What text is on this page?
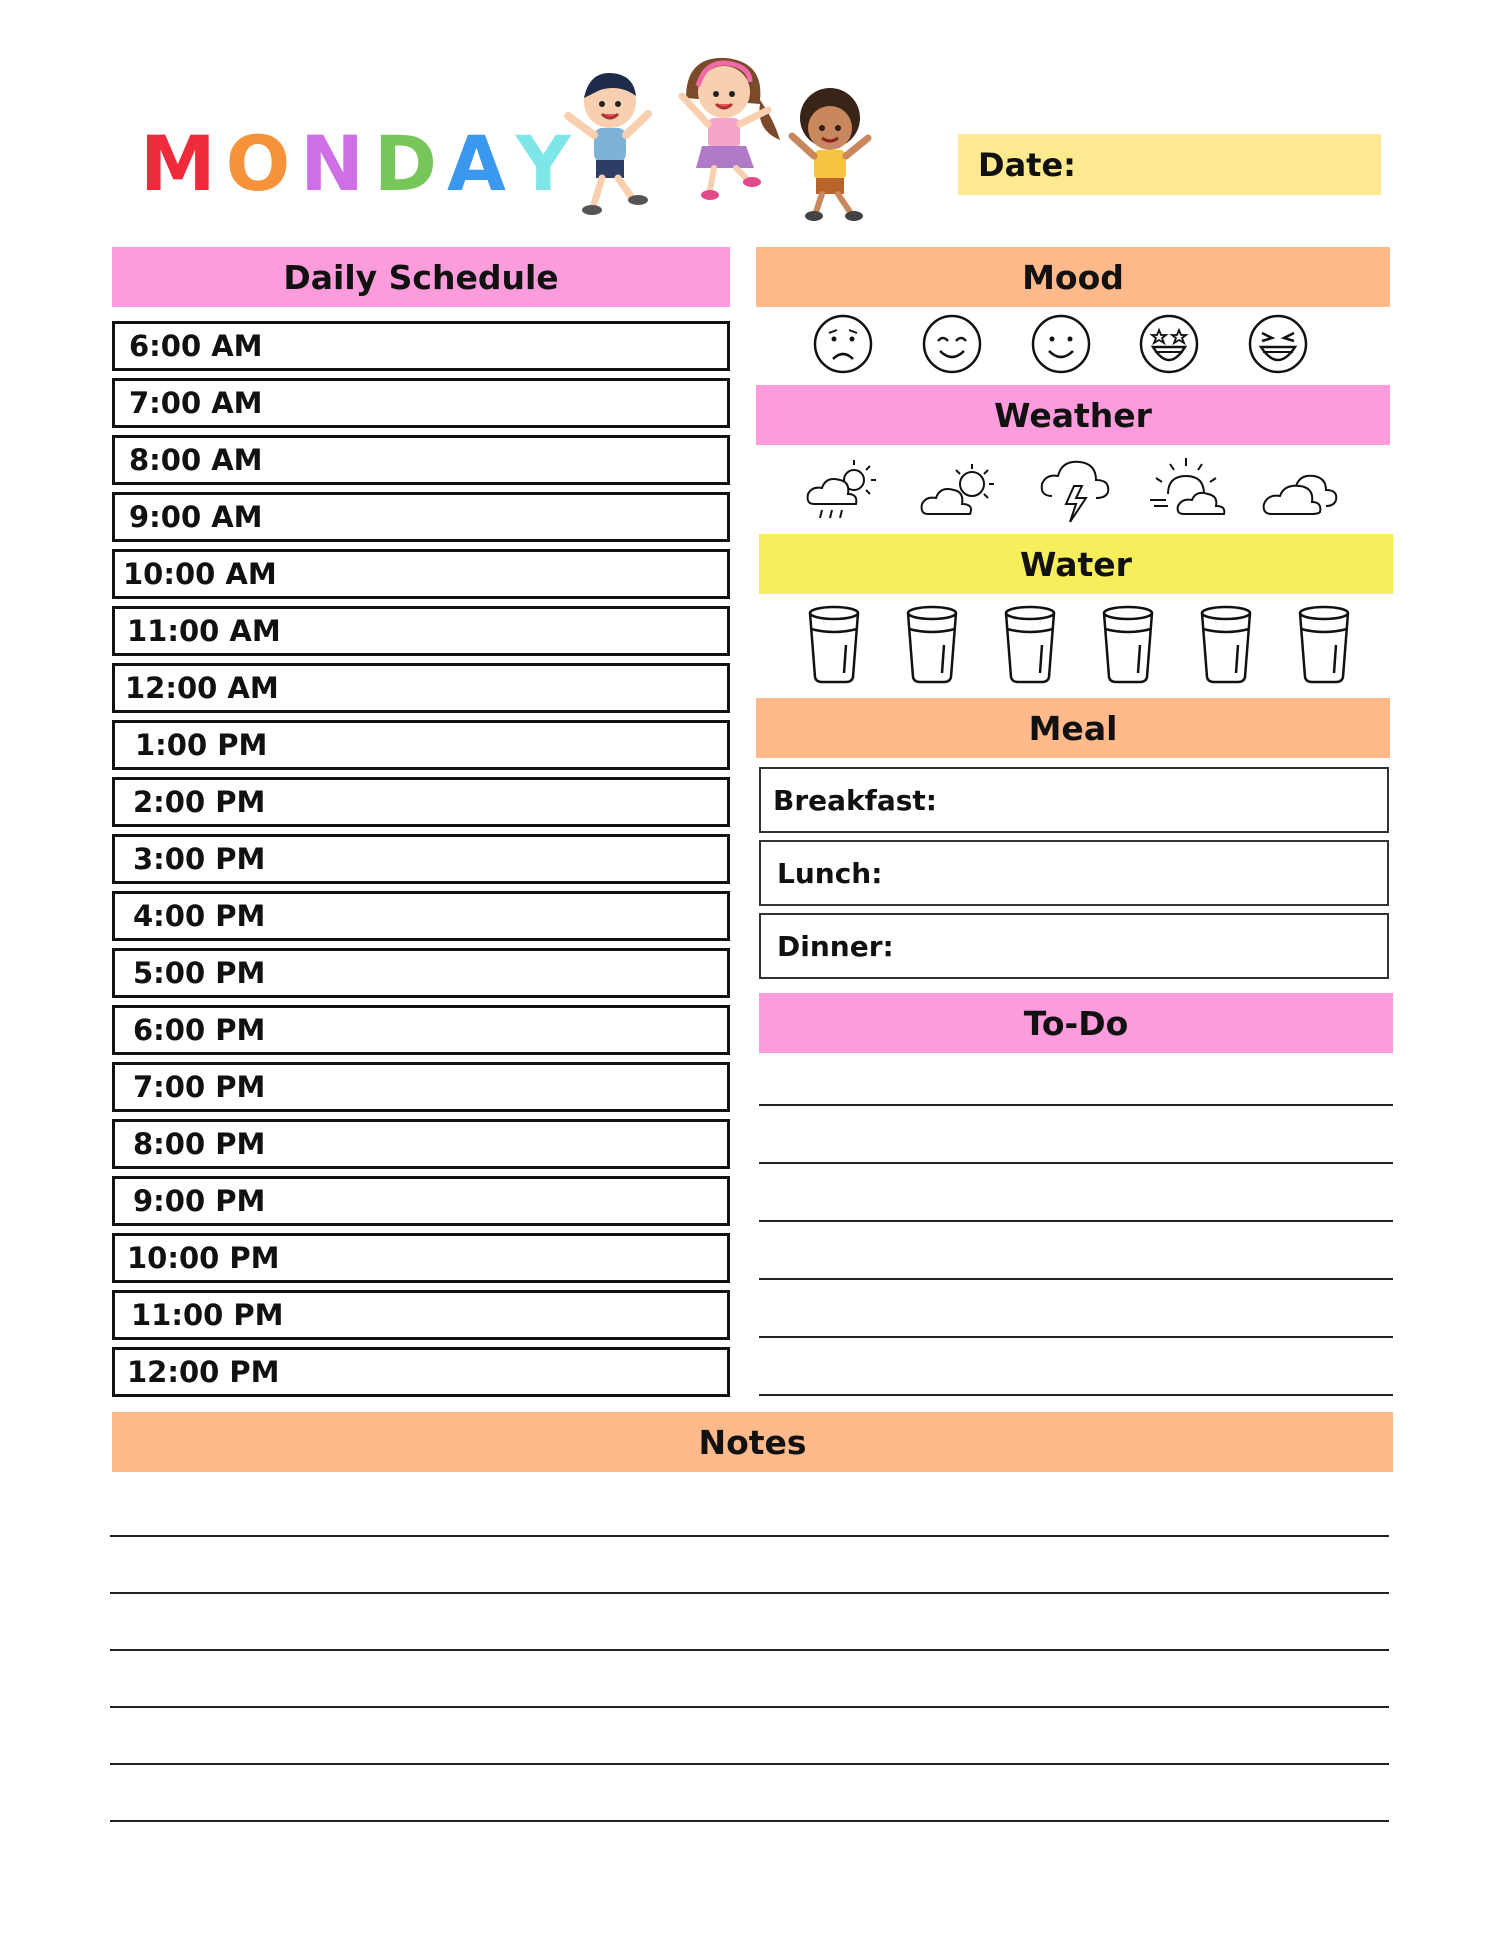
M O N D A Y	Date:
Daily Schedule
6:00 AM
7:00 AM
8:00 AM
9:00 AM
10:00 AM
11:00 AM
12:00 AM
1:00 PM
2:00 PM
3:00 PM
4:00 PM
5:00 PM
6:00 PM
7:00 PM
8:00 PM
9:00 PM
10:00 PM
11:00 PM
12:00 PM
Mood
Weather
Water
Meal
Breakfast:
Lunch:
Dinner:
To-Do
Notes
